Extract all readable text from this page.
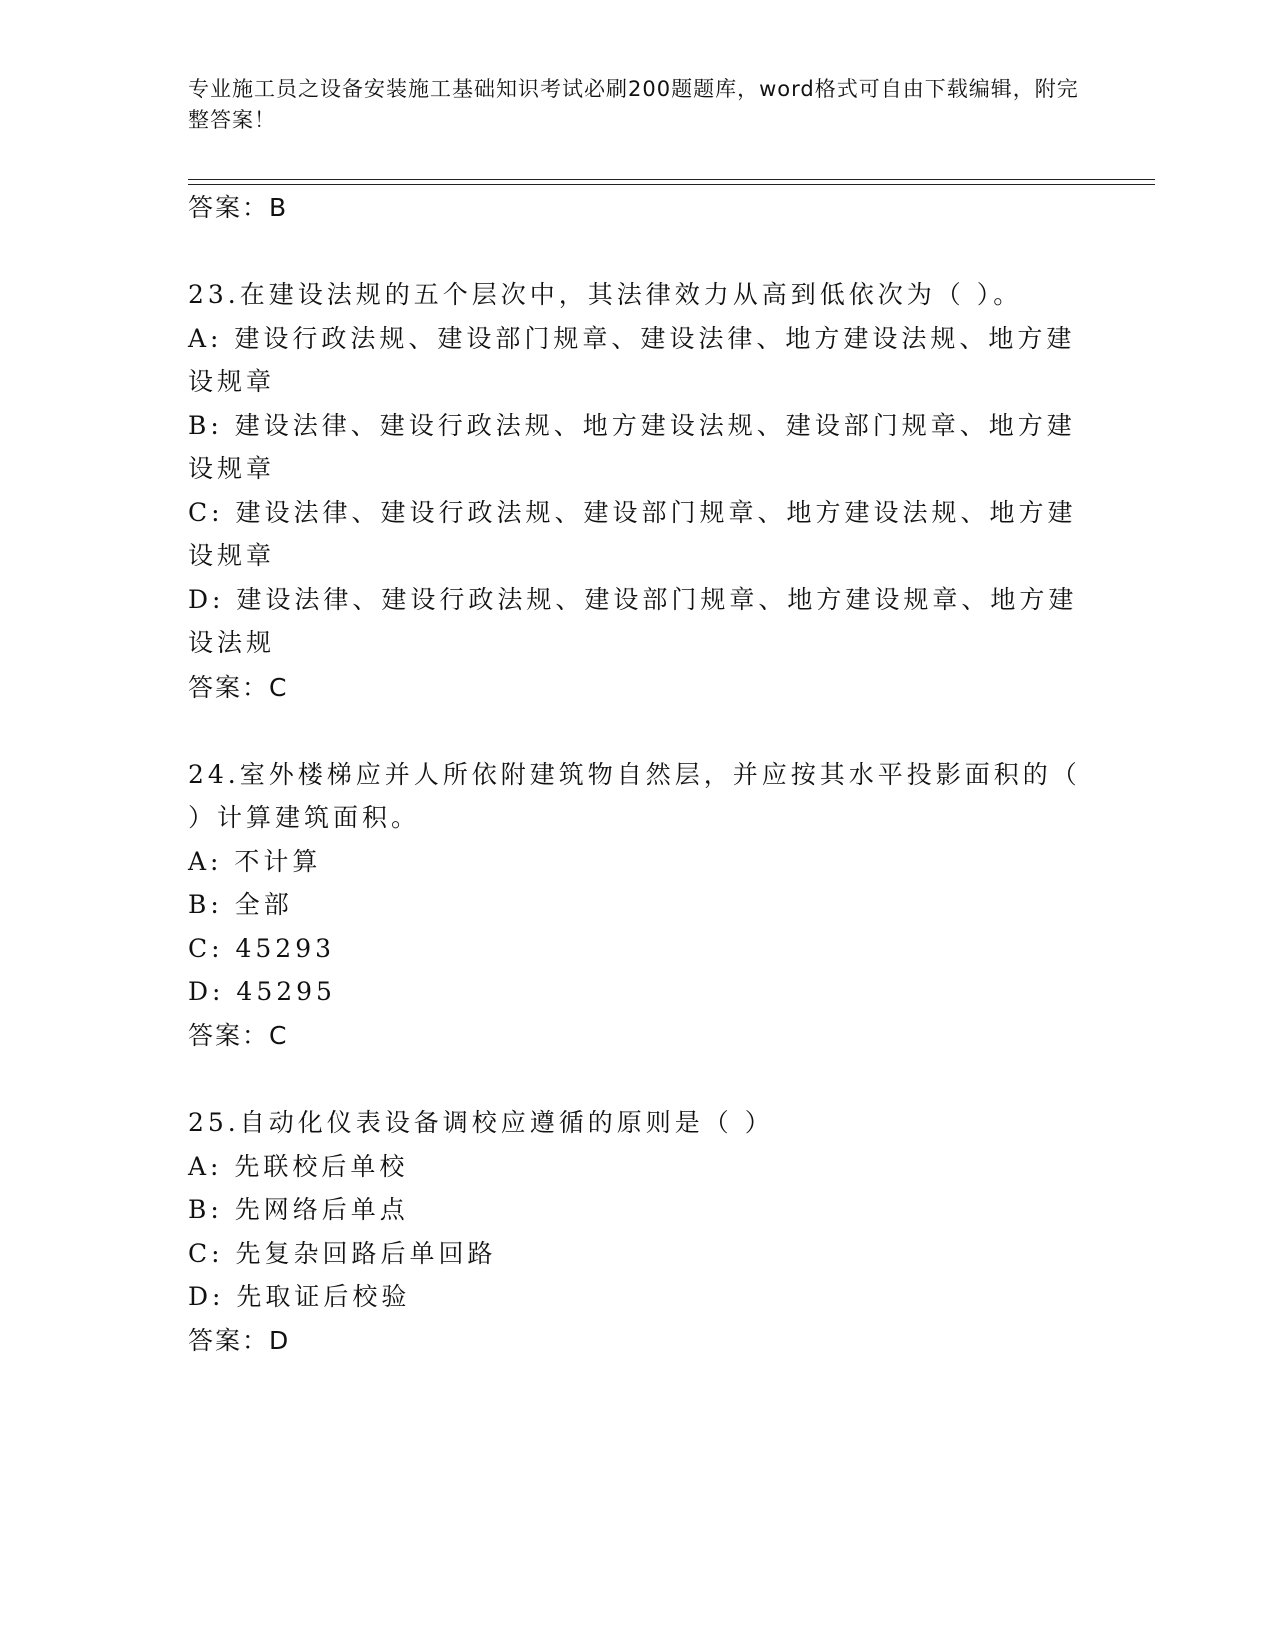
专业施工员之设备安装施工基础知识考试必刷200题题库，word格式可自由下载编辑，附完整答案！
答案：B
23.在建设法规的五个层次中，其法律效力从高到低依次为（ ）。
A: 建设行政法规、建设部门规章、建设法律、地方建设法规、地方建
设规章
B: 建设法律、建设行政法规、地方建设法规、建设部门规章、地方建
设规章
C: 建设法律、建设行政法规、建设部门规章、地方建设法规、地方建
设规章
D: 建设法律、建设行政法规、建设部门规章、地方建设规章、地方建
设法规
答案：C
24.室外楼梯应并人所依附建筑物自然层，并应按其水平投影面积的（
）计算建筑面积。
A: 不计算
B: 全部
C: 45293
D: 45295
答案：C
25.自动化仪表设备调校应遵循的原则是（ ）
A: 先联校后单校
B: 先网络后单点
C: 先复杂回路后单回路
D: 先取证后校验
答案：D
